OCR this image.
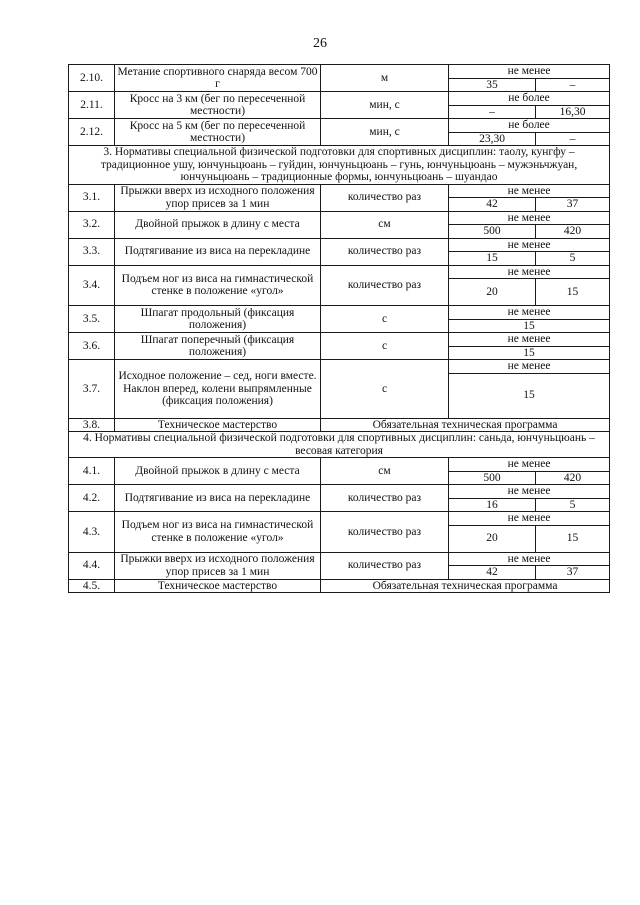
26
2.10.	Метание спортивного снаряда весом 700 г	м	не менее	
			35	–
2.11.	Кросс на 3 км (бег по пересеченной местности)	мин, с	не более	
			–	16,30
2.12.	Кросс на 5 км (бег по пересеченной местности)	мин, с	не более	
			23,30	–
3. Нормативы специальной физической подготовки для спортивных дисциплин: таолу, кунгфу – традиционное ушу, юнчуньцюань – гуйдин, юнчуньцюань – гунь, юнчуньцюань – мужэньчжуан, юнчуньцюань – традиционные формы, юнчуньцюань – шуандао				
3.1.	Прыжки вверх из исходного положения упор присев за 1 мин	количество раз	не менее	
			42	37
3.2.	Двойной прыжок в длину с места	см	не менее	
			500	420
3.3.	Подтягивание из виса на перекладине	количество раз	не менее	
			15	5
3.4.	Подъем ног из виса на гимнастической стенке в положение «угол»	количество раз	не менее	
			20	15
3.5.	Шпагат продольный (фиксация положения)	с	не менее	
			15	
3.6.	Шпагат поперечный (фиксация положения)	с	не менее	
			15	
3.7.	Исходное положение – сед, ноги вместе. Наклон вперед, колени выпрямленные (фиксация положения)	с	не менее	
			15	
3.8.	Техническое мастерство	Обязательная техническая программа		
4. Нормативы специальной физической подготовки для спортивных дисциплин: саньда, юнчуньцюань – весовая категория				
4.1.	Двойной прыжок в длину с места	см	не менее	
			500	420
4.2.	Подтягивание из виса на перекладине	количество раз	не менее	
			16	5
4.3.	Подъем ног из виса на гимнастической стенке в положение «угол»	количество раз	не менее	
			20	15
4.4.	Прыжки вверх из исходного положения упор присев за 1 мин	количество раз	не менее	
			42	37
4.5.	Техническое мастерство	Обязательная техническая программа		
